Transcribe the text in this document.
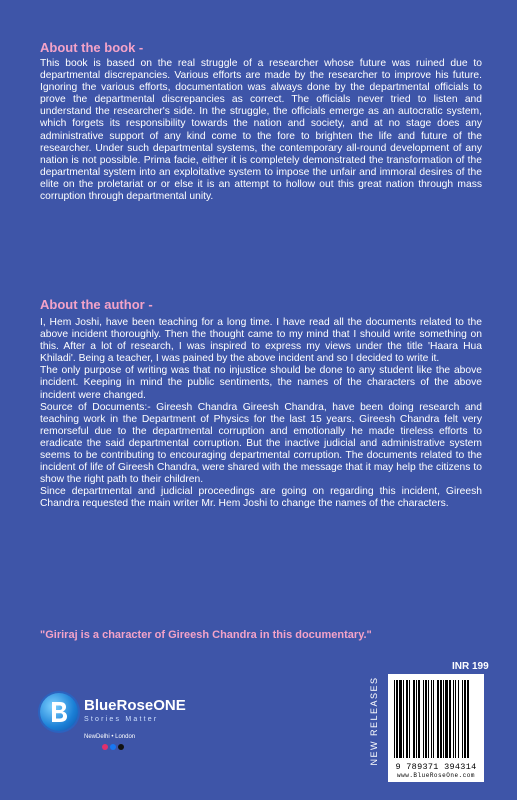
About the book -

This book is based on the real struggle of a researcher whose future was ruined due to departmental discrepancies. Various efforts are made by the researcher to improve his future. Ignoring the various efforts, documentation was always done by the departmental officials to prove the departmental discrepancies as correct. The officials never tried to listen and understand the researcher's side. In the struggle, the officials emerge as an autocratic system, which forgets its responsibility towards the nation and society, and at no stage does any administrative support of any kind come to the fore to brighten the life and future of the researcher. Under such departmental systems, the contemporary all-round development of any nation is not possible. Prima facie, either it is completely demonstrated the transformation of the departmental system into an exploitative system to impose the unfair and immoral desires of the elite on the proletariat or or else it is an attempt to hollow out this great nation through mass corruption through departmental unity.

About the author -

I, Hem Joshi, have been teaching for a long time. I have read all the documents related to the above incident thoroughly. Then the thought came to my mind that I should write something on this. After a lot of research, I was inspired to express my views under the title 'Haara Hua Khiladi'. Being a teacher, I was pained by the above incident and so I decided to write it.

The only purpose of writing was that no injustice should be done to any student like the above incident. Keeping in mind the public sentiments, the names of the characters of the above incident were changed.

Source of Documents:- Gireesh Chandra Gireesh Chandra, have been doing research and teaching work in the Department of Physics for the last 15 years. Gireesh Chandra felt very remorseful due to the departmental corruption and emotionally he made tireless efforts to eradicate the said departmental corruption. But the inactive judicial and administrative system seems to be contributing to encouraging departmental corruption. The documents related to the incident of life of Gireesh Chandra, were shared with the message that it may help the citizens to show the right path to their children.

Since departmental and judicial proceedings are going on regarding this incident, Gireesh Chandra requested the main writer Mr. Hem Joshi to change the names of the characters.

"Giriraj is a character of Gireesh Chandra in this documentary."
BlueRoseONE
Stories Matter
NewDelhi • London	NEW RELEASES
INR 199
9 789371 394314
www.BlueRoseOne.com
